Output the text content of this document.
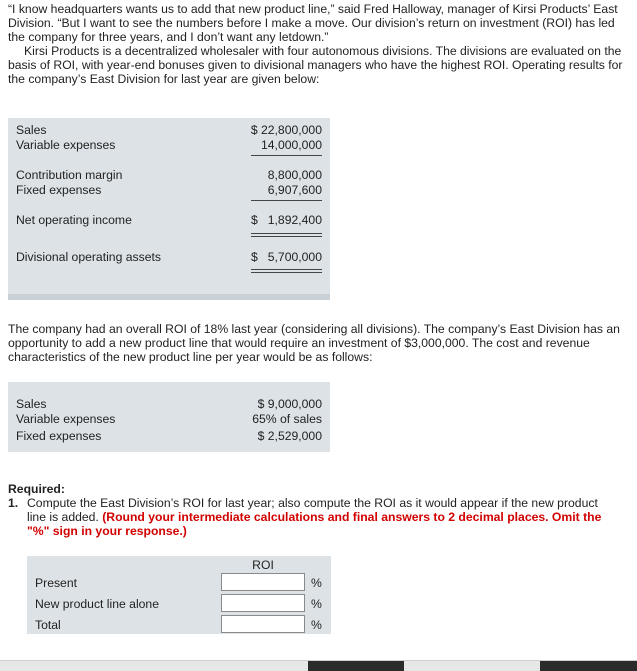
“I know headquarters wants us to add that new product line,” said Fred Halloway, manager of Kirsi Products’ East Division. “But I want to see the numbers before I make a move. Our division’s return on investment (ROI) has led the company for three years, and I don’t want any letdown.”

Kirsi Products is a decentralized wholesaler with four autonomous divisions. The divisions are evaluated on the basis of ROI, with year-end bonuses given to divisional managers who have the highest ROI. Operating results for the company’s East Division for last year are given below:

Sales	$ 22,800,000
Variable expenses	14,000,000
Contribution margin	8,800,000
Fixed expenses	6,907,600
Net operating income	$ 1,892,400
Divisional operating assets	$ 5,700,000
The company had an overall ROI of 18% last year (considering all divisions). The company’s East Division has an opportunity to add a new product line that would require an investment of $3,000,000. The cost and revenue characteristics of the new product line per year would be as follows:
Sales	$ 9,000,000
Variable expenses	65% of sales
Fixed expenses	$ 2,529,000
Required:
1. Compute the East Division’s ROI for last year; also compute the ROI as it would appear if the new product line is added. (Round your intermediate calculations and final answers to 2 decimal places. Omit the "%" sign in your response.)
ROI
Present	%
New product line alone	%
Total	%
